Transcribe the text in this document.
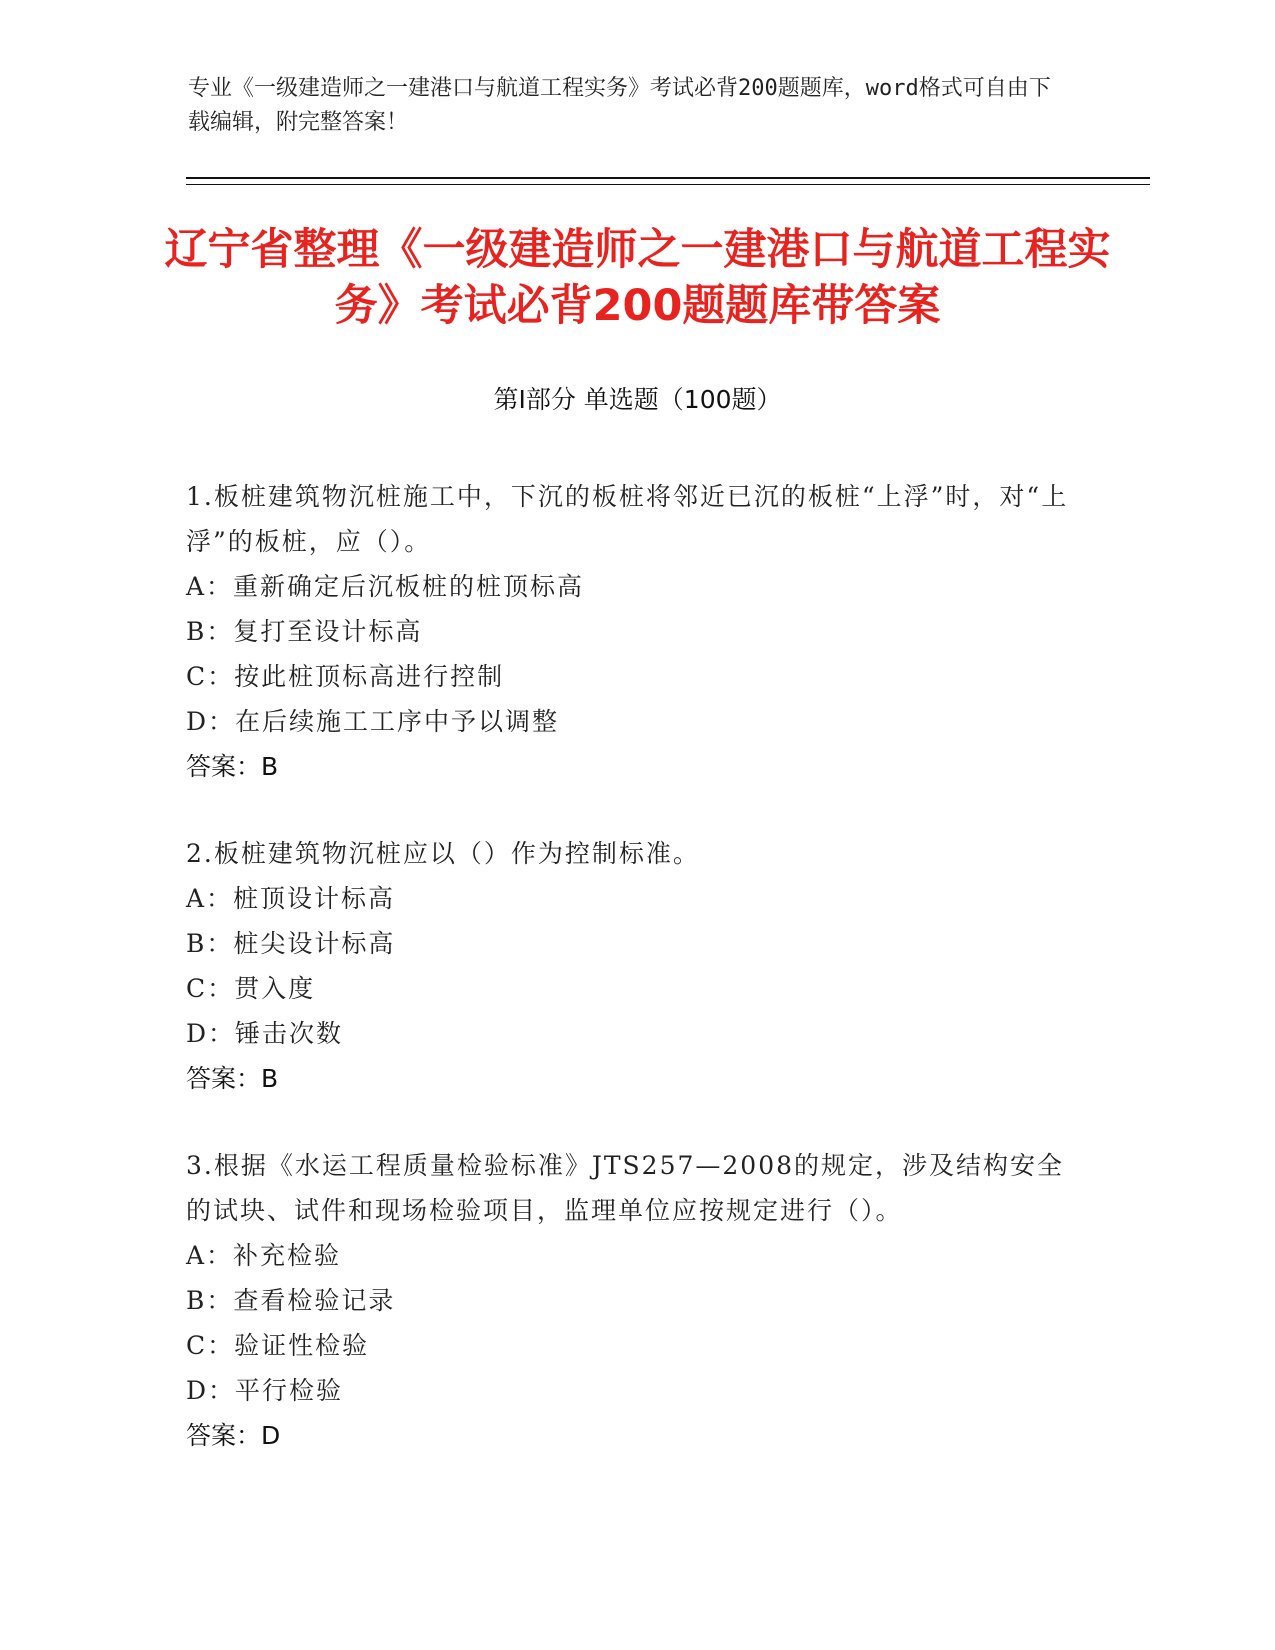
专业《一级建造师之一建港口与航道工程实务》考试必背200题题库，word格式可自由下载编辑，附完整答案！
辽宁省整理《一级建造师之一建港口与航道工程实务》考试必背200题题库带答案
第Ⅰ部分 单选题（100题）
1.板桩建筑物沉桩施工中，下沉的板桩将邻近已沉的板桩“上浮”时，对“上浮”的板桩，应（）。
A：重新确定后沉板桩的桩顶标高
B：复打至设计标高
C：按此桩顶标高进行控制
D：在后续施工工序中予以调整
答案：B
2.板桩建筑物沉桩应以（）作为控制标准。
A：桩顶设计标高
B：桩尖设计标高
C：贯入度
D：锤击次数
答案：B
3.根据《水运工程质量检验标准》JTS257—2008的规定，涉及结构安全的试块、试件和现场检验项目，监理单位应按规定进行（）。
A：补充检验
B：查看检验记录
C：验证性检验
D：平行检验
答案：D
